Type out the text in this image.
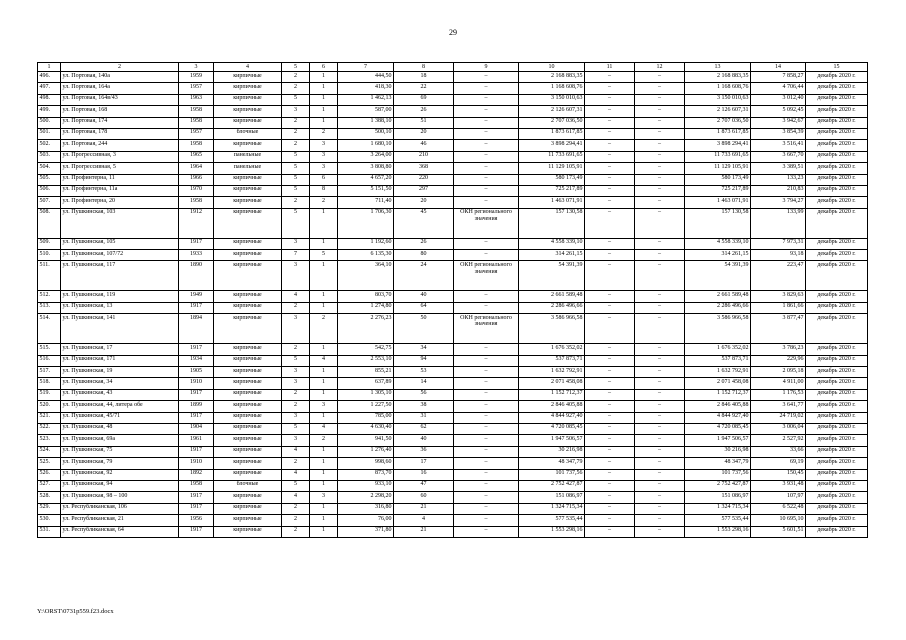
29
1	2	3	4	5	6	7	8	9	10	11	12	13	14	15
496.	ул. Портовая, 140а	1959	кирпичные	2	1	444,50	18	–	2 168 883,35	–	–	2 168 883,35	7 858,27	декабрь 2020 г.
497.	ул. Портовая, 164а	1957	кирпичные	2	1	418,30	22	–	1 168 608,76	–	–	1 168 608,76	4 706,44	декабрь 2020 г.
498.	ул. Портовая, 164в/43	1963	кирпичные	5	1	1 462,13	69	–	3 150 010,63	–	–	3 150 010,63	3 012,40	декабрь 2020 г.
499.	ул. Портовая, 168	1958	кирпичные	3	1	587,00	26	–	2 126 607,31	–	–	2 126 607,31	5 092,45	декабрь 2020 г.
500.	ул. Портовая, 174	1958	кирпичные	2	1	1 388,10	51	–	2 707 036,50	–	–	2 707 036,50	3 942,67	декабрь 2020 г.
501.	ул. Портовая, 178	1957	блочные	2	2	500,10	20	–	1 873 617,85	–	–	1 873 617,85	3 854,39	декабрь 2020 г.
502.	ул. Портовая, 244	1958	кирпичные	2	3	1 680,10	46	–	3 898 294,41	–	–	3 898 294,41	3 516,41	декабрь 2020 г.
503.	ул. Прогрессивная, 3	1965	панельные	5	3	3 264,00	210	–	11 733 691,65	–	–	11 733 691,65	3 667,70	декабрь 2020 г.
504.	ул. Прогрессивная, 5	1964	панельные	5	3	3 808,80	368	–	11 129 105,91	–	–	11 129 105,91	3 389,51	декабрь 2020 г.
505.	ул. Профинтерна, 11	1966	кирпичные	5	6	4 657,20	220	–	580 173,49	–	–	580 173,49	133,23	декабрь 2020 г.
506.	ул. Профинтерна, 11а	1970	кирпичные	5	8	5 151,50	297	–	725 217,89	–	–	725 217,89	210,83	декабрь 2020 г.
507.	ул. Профинтерна, 20	1958	кирпичные	2	2	711,40	20	–	1 463 071,91	–	–	1 463 071,91	3 794,27	декабрь 2020 г.
508.	ул. Пушкинская, 103	1912	кирпичные	5	1	1 706,30	45	ОКН регионального значения	157 130,58	–	–	157 130,58	133,99	декабрь 2020 г.
509.	ул. Пушкинская, 105	1917	кирпичные	3	1	1 192,60	26	–	4 558 339,10	–	–	4 558 339,10	7 973,31	декабрь 2020 г.
510.	ул. Пушкинская, 107/72	1933	кирпичные	7	5	6 135,30	80	–	314 261,15	–	–	314 261,15	93,18	декабрь 2020 г.
511.	ул. Пушкинская, 117	1890	кирпичные	3	1	364,10	24	ОКН регионального значения	54 391,39	–	–	54 391,39	223,47	декабрь 2020 г.
512.	ул. Пушкинская, 119	1949	кирпичные	4	1	803,70	40	–	2 661 589,48	–	–	2 661 589,48	3 829,63	декабрь 2020 г.
513.	ул. Пушкинская, 13	1917	кирпичные	2	1	1 274,80	64	–	2 286 496,66	–	–	2 286 496,66	1 861,66	декабрь 2020 г.
514.	ул. Пушкинская, 141	1894	кирпичные	3	2	2 276,23	50	ОКН регионального значения	3 586 966,58	–	–	3 586 966,58	3 877,47	декабрь 2020 г.
515.	ул. Пушкинская, 17	1917	кирпичные	2	1	542,75	34	–	1 676 352,02	–	–	1 676 352,02	3 786,23	декабрь 2020 г.
516.	ул. Пушкинская, 171	1934	кирпичные	5	4	2 553,10	94	–	537 873,71	–	–	537 873,71	229,96	декабрь 2020 г.
517.	ул. Пушкинская, 19	1905	кирпичные	3	1	855,21	53	–	1 632 792,91	–	–	1 632 792,91	2 095,18	декабрь 2020 г.
518.	ул. Пушкинская, 34	1910	кирпичные	3	1	637,89	14	–	2 071 458,08	–	–	2 071 458,08	4 911,00	декабрь 2020 г.
519.	ул. Пушкинская, 43	1917	кирпичные	2	1	1 305,10	56	–	1 152 712,37	–	–	1 152 712,37	1 176,53	декабрь 2020 г.
520.	ул. Пушкинская, 44, литера обе	1899	кирпичные	2	3	1 227,50	38	–	2 846 405,88	–	–	2 846 405,88	3 641,77	декабрь 2020 г.
521.	ул. Пушкинская, 45/71	1917	кирпичные	3	1	785,00	31	–	4 844 927,40	–	–	4 844 927,40	24 719,02	декабрь 2020 г.
522.	ул. Пушкинская, 48	1904	кирпичные	5	4	4 630,40	62	–	4 720 085,45	–	–	4 720 085,45	3 006,04	декабрь 2020 г.
523.	ул. Пушкинская, 69а	1961	кирпичные	3	2	941,50	40	–	1 947 506,57	–	–	1 947 506,57	2 527,92	декабрь 2020 г.
524.	ул. Пушкинская, 75	1917	кирпичные	4	1	1 276,40	36	–	30 216,98	–	–	30 216,98	33,66	декабрь 2020 г.
525.	ул. Пушкинская, 79	1910	кирпичные	2	1	998,60	17	–	48 347,79	–	–	48 347,79	69,19	декабрь 2020 г.
526.	ул. Пушкинская, 92	1892	кирпичные	4	1	873,70	16	–	101 737,56	–	–	101 737,56	150,45	декабрь 2020 г.
527.	ул. Пушкинская, 94	1958	блочные	5	1	933,10	47	–	2 752 427,87	–	–	2 752 427,87	3 931,48	декабрь 2020 г.
528.	ул. Пушкинская, 98 – 100	1917	кирпичные	4	3	2 298,20	60	–	151 086,97	–	–	151 086,97	107,97	декабрь 2020 г.
529.	ул. Республиканская, 106	1917	кирпичные	2	1	316,80	21	–	1 324 715,34	–	–	1 324 715,34	6 522,48	декабрь 2020 г.
530.	ул. Республиканская, 21	1956	кирпичные	2	1	76,00	4	–	577 535,44	–	–	577 535,44	10 695,10	декабрь 2020 г.
531.	ул. Республиканская, 64	1917	кирпичные	2	1	371,80	21	–	1 553 298,16	–	–	1 553 298,16	5 601,51	декабрь 2020 г.
Y:\ORST\0731p559.f23.docx
